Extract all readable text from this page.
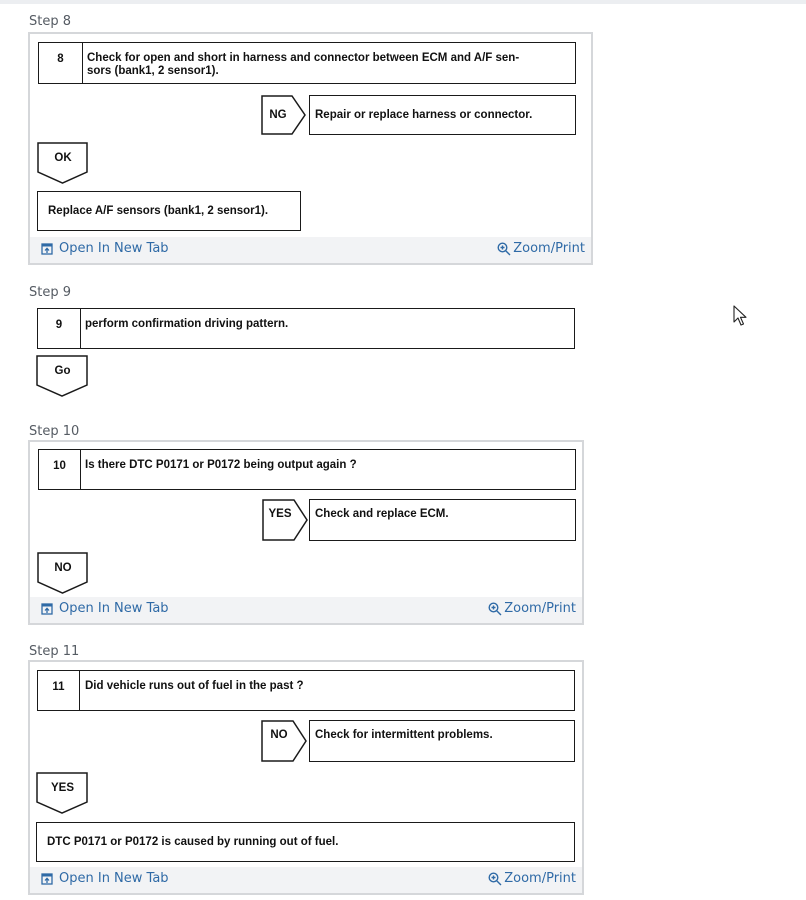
Step 8
8	Check for open and short in harness and connector between ECM and A/F sen-
sors (bank1, 2 sensor1).
NG	Repair or replace harness or connector.
OK
Replace A/F sensors (bank1, 2 sensor1).
Open In New Tab	Zoom/Print
Step 9
9	perform confirmation driving pattern.
Go
Step 10
10	Is there DTC P0171 or P0172 being output again ?
YES	Check and replace ECM.
NO
Open In New Tab	Zoom/Print
Step 11
11	Did vehicle runs out of fuel in the past ?
NO	Check for intermittent problems.
YES
DTC P0171 or P0172 is caused by running out of fuel.
Open In New Tab	Zoom/Print
